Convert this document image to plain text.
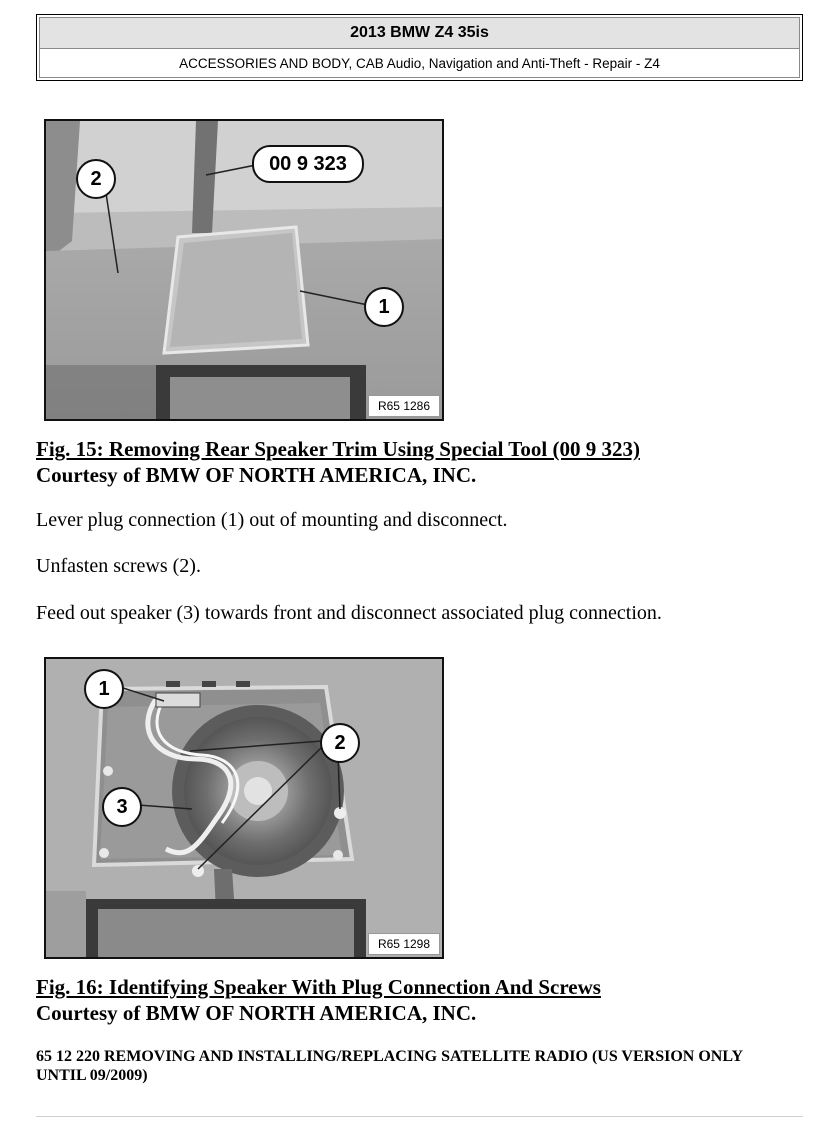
2013 BMW Z4 35is
ACCESSORIES AND BODY, CAB Audio, Navigation and Anti-Theft - Repair - Z4
00 9 323
2
1
R65 1286
Fig. 15: Removing Rear Speaker Trim Using Special Tool (00 9 323)
Courtesy of BMW OF NORTH AMERICA, INC.
Lever plug connection (1) out of mounting and disconnect.
Unfasten screws (2).
Feed out speaker (3) towards front and disconnect associated plug connection.
1
2
3
R65 1298
Fig. 16: Identifying Speaker With Plug Connection And Screws
Courtesy of BMW OF NORTH AMERICA, INC.
65 12 220 REMOVING AND INSTALLING/REPLACING SATELLITE RADIO (US VERSION ONLY UNTIL 09/2009)
